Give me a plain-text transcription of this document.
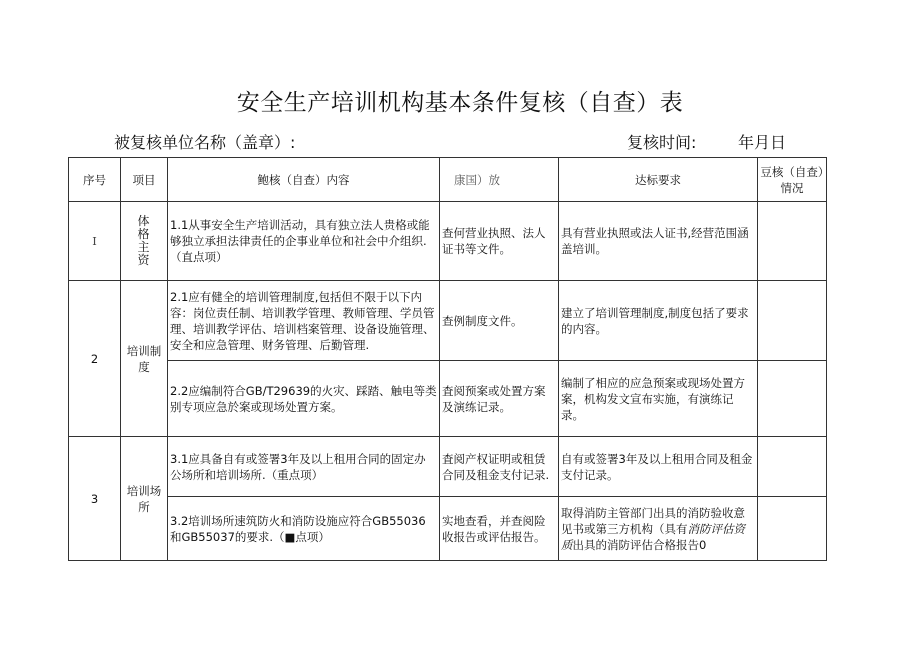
安全生产培训机构基本条件复核（自查）表
被复核单位名称（盖章）:	复核时间:	年月日
序号	项目	鲍核（自查）内容	康国）放	达标要求	豆核（自查）情况
I	体格主资	1.1从事安全生产培训活动，具有独立法人贵格或能够独立承担法律责任的企事业单位和社会中介组织.（直点项）	查何营业执照、法人证书等文件。	具有营业执照或法人证书,经营范围涵盖培训。	
2	培训制度	2.1应有健全的培训管理制度,包括但不限于以下内容：岗位责任制、培训教学管理、教师管理、学员管理、培训教学评估、培训档案管理、设备设施管理、安全和应急管理、财务管理、后勤管理.	查例制度文件。	建立了培训管理制度,制度包括了要求的内容。	
		2.2应编制符合GB/T29639的火灾、踩踏、触电等类别专项应急於案或现场处置方案。	査阅预案或处置方案及演练记录。	编制了相应的应急预案或现场处置方案，机构发文宣布实施，有演练记录。	
3	培训场所	3.1应具备自有或签署3年及以上租用合同的固定办公场所和培训场所.（重点项）	査阅产权证明或租赁合同及租金支付记录.	自有或签署3年及以上租用合同及租金支付记录。	
		3.2培训场所速筑防火和消防设施应符合GB55036和GB55037的要求.（■点项）	实地查看，并查阅险收报告或评估报告。	取得消防主管部门出具的消防验收意见书或第三方机构（具有消防评估资质出具的消防评估合格报告0	
